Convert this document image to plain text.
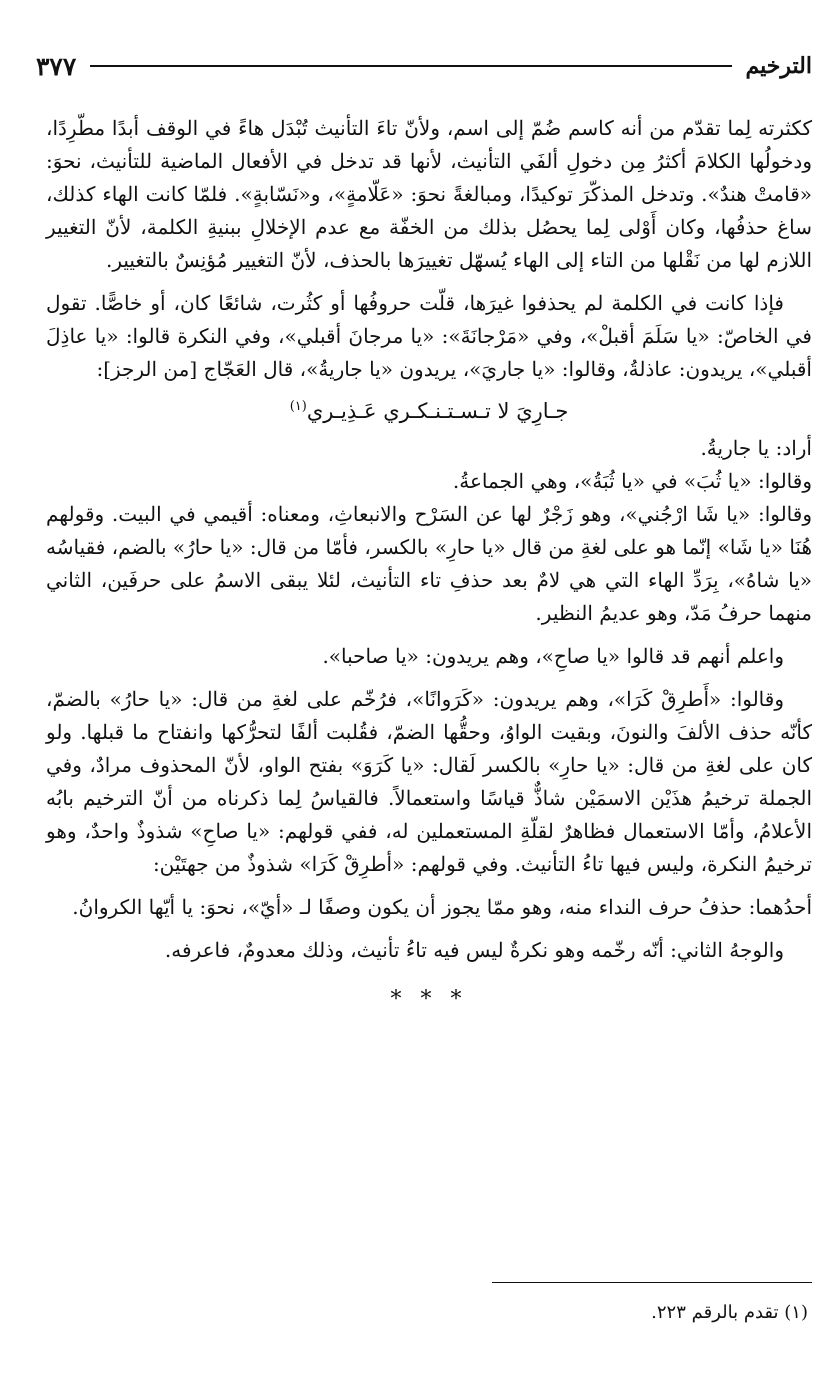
الترخيم
٣٧٧

ككثرته لِما تقدّم من أنه كاسم ضُمّ إلى اسم، ولأنّ تاءَ التأنيث تُبْدَل هاءً في الوقف أبدًا مطّرِدًا، ودخولُها الكلامَ أكثرُ مِن دخولِ ألفَي التأنيث، لأنها قد تدخل في الأفعال الماضية للتأنيث، نحوَ: «قامتْ هندٌ». وتدخل المذكّرَ توكيدًا، ومبالغةً نحوَ: «عَلّامةٍ»، و«نَسّابةٍ». فلمّا كانت الهاء كذلك، ساغ حذفُها، وكان أَوْلى لِما يحصُل بذلك من الخفّة مع عدم الإخلالِ ببنيةِ الكلمة، لأنّ التغيير اللازم لها من نَقْلها من التاء إلى الهاء يُسهّل تغييرَها بالحذف، لأنّ التغيير مُؤنِسٌ بالتغيير.

فإذا كانت في الكلمة لم يحذفوا غيرَها، قلّت حروفُها أو كثُرت، شائعًا كان، أو خاصًّا. تقول في الخاصّ: «يا سَلَمَ أقبلْ»، وفي «مَرْجانَةَ»: «يا مرجانَ أقبلي»، وفي النكرة قالوا: «يا عاذِلَ أقبلي»، يريدون: عاذلةُ، وقالوا: «يا جاريَ»، يريدون «يا جاريةُ»، قال العَجّاج [من الرجز]:

جـارِيَ لا تـسـتـنـكـري عَـذِيـري$^{(١)}$

أراد: يا جاريةُ.

وقالوا: «يا ثُبَ» في «يا ثُبَةُ»، وهي الجماعةُ.

وقالوا: «يا شَا ارْجُني»، وهو زَجْرٌ لها عن السَرْح والانبعاثِ، ومعناه: أقيمي في البيت. وقولهم هُنَا «يا شَا» إنّما هو على لغةِ من قال «يا حارِ» بالكسر، فأمّا من قال: «يا حارُ» بالضم، فقياسُه «يا شاهُ»، بِرَدِّ الهاء التي هي لامٌ بعد حذفِ تاء التأنيث، لئلا يبقى الاسمُ على حرفَين، الثاني منهما حرفُ مَدّ، وهو عديمُ النظير.

واعلم أنهم قد قالوا «يا صاحِ»، وهم يريدون: «يا صاحبا».

وقالوا: «أَطرِقْ كَرَا»، وهم يريدون: «كَرَوانًا»، فرُخّم على لغةِ من قال: «يا حارُ» بالضمّ، كأنّه حذف الألفَ والنونَ، وبقيت الواوُ، وحقُّها الضمّ، فقُلبت ألفًا لتحرُّكها وانفتاح ما قبلها. ولو كان على لغةِ من قال: «يا حارِ» بالكسر لَقال: «يا كَرَوَ» بفتح الواو، لأنّ المحذوف مرادٌ، وفي الجملة ترخيمُ هذَيْن الاسمَيْن شاذٌّ قياسًا واستعمالاً. فالقياسُ لِما ذكرناه من أنّ الترخيم بابُه الأعلامُ، وأمّا الاستعمال فظاهرٌ لقلّةِ المستعملين له، ففي قولهم: «يا صاحِ» شذوذٌ واحدٌ، وهو ترخيمُ النكرة، وليس فيها تاءُ التأنيث. وفي قولهم: «أطرِقْ كَرَا» شذوذٌ من جهتَيْن:

أحدُهما: حذفُ حرف النداء منه، وهو ممّا يجوز أن يكون وصفًا لـ «أيّ»، نحوَ: يا أيّها الكروانُ.

والوجهُ الثاني: أنّه رخّمه وهو نكرةٌ ليس فيه تاءُ تأنيث، وذلك معدومٌ، فاعرفه.

* * *

(١) تقدم بالرقم ٢٢٣.
